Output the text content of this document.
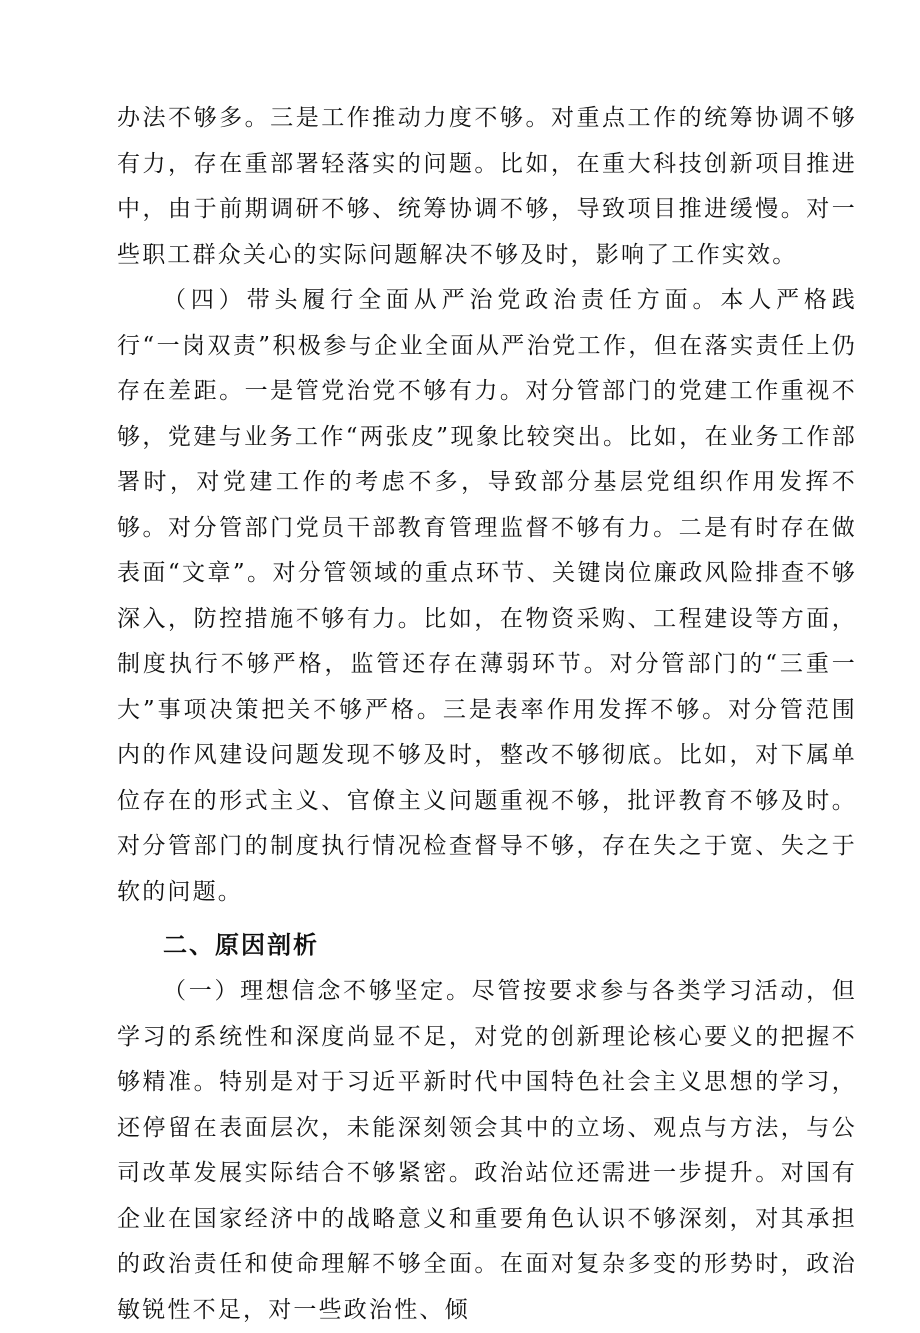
办法不够多。三是工作推动力度不够。对重点工作的统筹协调不够有力，存在重部署轻落实的问题。比如，在重大科技创新项目推进中，由于前期调研不够、统筹协调不够，导致项目推进缓慢。对一些职工群众关心的实际问题解决不够及时，影响了工作实效。

（四）带头履行全面从严治党政治责任方面。本人严格践行“一岗双责”积极参与企业全面从严治党工作，但在落实责任上仍存在差距。一是管党治党不够有力。对分管部门的党建工作重视不够，党建与业务工作“两张皮”现象比较突出。比如，在业务工作部署时，对党建工作的考虑不多，导致部分基层党组织作用发挥不够。对分管部门党员干部教育管理监督不够有力。二是有时存在做表面“文章”。对分管领域的重点环节、关键岗位廉政风险排查不够深入，防控措施不够有力。比如，在物资采购、工程建设等方面，制度执行不够严格，监管还存在薄弱环节。对分管部门的“三重一大”事项决策把关不够严格。三是表率作用发挥不够。对分管范围内的作风建设问题发现不够及时，整改不够彻底。比如，对下属单位存在的形式主义、官僚主义问题重视不够，批评教育不够及时。对分管部门的制度执行情况检查督导不够，存在失之于宽、失之于软的问题。

二、原因剖析

（一）理想信念不够坚定。尽管按要求参与各类学习活动，但学习的系统性和深度尚显不足，对党的创新理论核心要义的把握不够精准。特别是对于习近平新时代中国特色社会主义思想的学习，还停留在表面层次，未能深刻领会其中的立场、观点与方法，与公司改革发展实际结合不够紧密。政治站位还需进一步提升。对国有企业在国家经济中的战略意义和重要角色认识不够深刻，对其承担的政治责任和使命理解不够全面。在面对复杂多变的形势时，政治敏锐性不足，对一些政治性、倾
